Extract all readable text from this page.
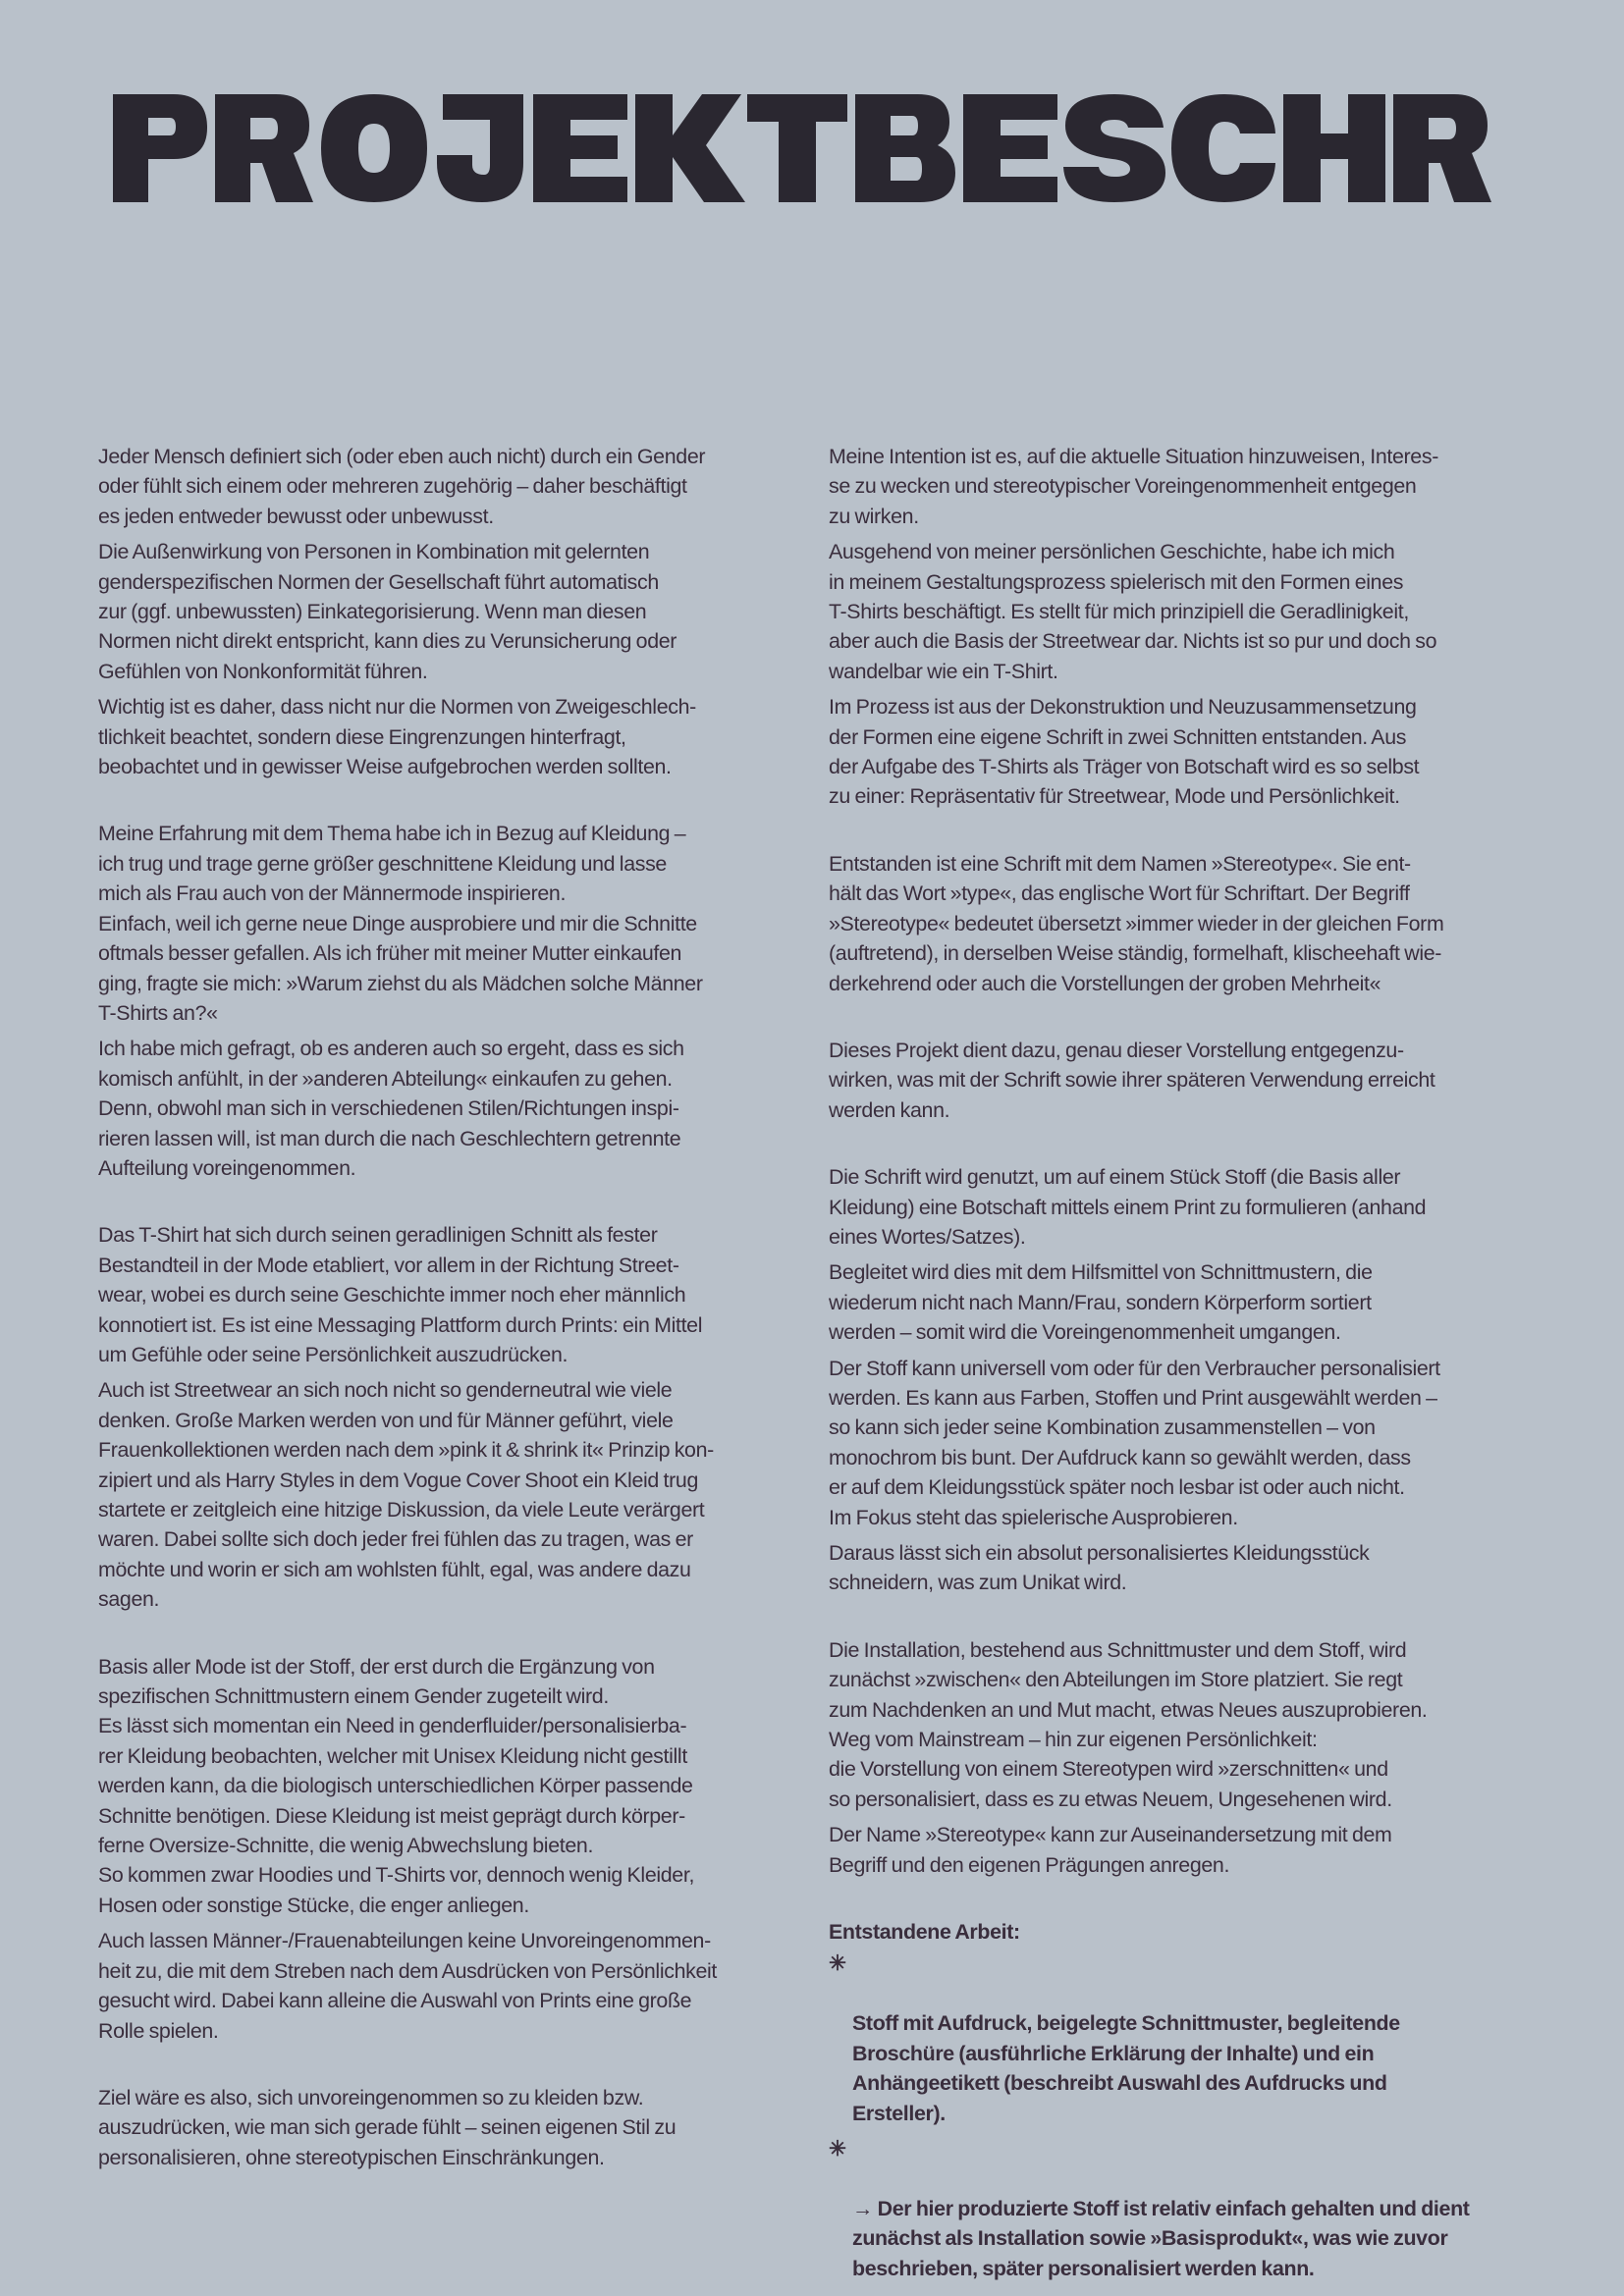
Jeder Mensch definiert sich (oder eben auch nicht) durch ein Gender
oder fühlt sich einem oder mehreren zugehörig – daher beschäftigt
es jeden entweder bewusst oder unbewusst.

Die Außenwirkung von Personen in Kombination mit gelernten
genderspezifischen Normen der Gesellschaft führt automatisch
zur (ggf. unbewussten) Einkategorisierung. Wenn man diesen
Normen nicht direkt entspricht, kann dies zu Verunsicherung oder
Gefühlen von Nonkonformität führen.

Wichtig ist es daher, dass nicht nur die Normen von Zweigeschlech-
tlichkeit beachtet, sondern diese Eingrenzungen hinterfragt,
beobachtet und in gewisser Weise aufgebrochen werden sollten.

Meine Erfahrung mit dem Thema habe ich in Bezug auf Kleidung –
ich trug und trage gerne größer geschnittene Kleidung und lasse
mich als Frau auch von der Männermode inspirieren.
Einfach, weil ich gerne neue Dinge ausprobiere und mir die Schnitte
oftmals besser gefallen. Als ich früher mit meiner Mutter einkaufen
ging, fragte sie mich: »Warum ziehst du als Mädchen solche Männer
T-Shirts an?«

Ich habe mich gefragt, ob es anderen auch so ergeht, dass es sich
komisch anfühlt, in der »anderen Abteilung« einkaufen zu gehen.
Denn, obwohl man sich in verschiedenen Stilen/Richtungen inspi-
rieren lassen will, ist man durch die nach Geschlechtern getrennte
Aufteilung voreingenommen.

Das T-Shirt hat sich durch seinen geradlinigen Schnitt als fester
Bestandteil in der Mode etabliert, vor allem in der Richtung Street-
wear, wobei es durch seine Geschichte immer noch eher männlich
konnotiert ist. Es ist eine Messaging Plattform durch Prints: ein Mittel
um Gefühle oder seine Persönlichkeit auszudrücken.

Auch ist Streetwear an sich noch nicht so genderneutral wie viele
denken. Große Marken werden von und für Männer geführt, viele
Frauenkollektionen werden nach dem »pink it & shrink it« Prinzip kon-
zipiert und als Harry Styles in dem Vogue Cover Shoot ein Kleid trug
startete er zeitgleich eine hitzige Diskussion, da viele Leute verärgert
waren. Dabei sollte sich doch jeder frei fühlen das zu tragen, was er
möchte und worin er sich am wohlsten fühlt, egal, was andere dazu
sagen.

Basis aller Mode ist der Stoff, der erst durch die Ergänzung von
spezifischen Schnittmustern einem Gender zugeteilt wird.
Es lässt sich momentan ein Need in genderfluider/personalisierba-
rer Kleidung beobachten, welcher mit Unisex Kleidung nicht gestillt
werden kann, da die biologisch unterschiedlichen Körper passende
Schnitte benötigen. Diese Kleidung ist meist geprägt durch körper-
ferne Oversize-Schnitte, die wenig Abwechslung bieten.
So kommen zwar Hoodies und T-Shirts vor, dennoch wenig Kleider,
Hosen oder sonstige Stücke, die enger anliegen.

Auch lassen Männer-/Frauenabteilungen keine Unvoreingenommen-
heit zu, die mit dem Streben nach dem Ausdrücken von Persönlichkeit
gesucht wird. Dabei kann alleine die Auswahl von Prints eine große
Rolle spielen.

Ziel wäre es also, sich unvoreingenommen so zu kleiden bzw.
auszudrücken, wie man sich gerade fühlt – seinen eigenen Stil zu
personalisieren, ohne stereotypischen Einschränkungen.

Meine Intention ist es, auf die aktuelle Situation hinzuweisen, Interes-
se zu wecken und stereotypischer Voreingenommenheit entgegen
zu wirken.

Ausgehend von meiner persönlichen Geschichte, habe ich mich
in meinem Gestaltungsprozess spielerisch mit den Formen eines
T-Shirts beschäftigt. Es stellt für mich prinzipiell die Geradlinigkeit,
aber auch die Basis der Streetwear dar. Nichts ist so pur und doch so
wandelbar wie ein T-Shirt.

Im Prozess ist aus der Dekonstruktion und Neuzusammensetzung
der Formen eine eigene Schrift in zwei Schnitten entstanden. Aus
der Aufgabe des T-Shirts als Träger von Botschaft wird es so selbst
zu einer: Repräsentativ für Streetwear, Mode und Persönlichkeit.

Entstanden ist eine Schrift mit dem Namen »Stereotype«. Sie ent-
hält das Wort »type«, das englische Wort für Schriftart. Der Begriff
»Stereotype« bedeutet übersetzt »immer wieder in der gleichen Form
(auftretend), in derselben Weise ständig, formelhaft, klischeehaft wie-
derkehrend oder auch die Vorstellungen der groben Mehrheit«

Dieses Projekt dient dazu, genau dieser Vorstellung entgegenzu-
wirken, was mit der Schrift sowie ihrer späteren Verwendung erreicht
werden kann.

Die Schrift wird genutzt, um auf einem Stück Stoff (die Basis aller
Kleidung) eine Botschaft mittels einem Print zu formulieren (anhand
eines Wortes/Satzes).

Begleitet wird dies mit dem Hilfsmittel von Schnittmustern, die
wiederum nicht nach Mann/Frau, sondern Körperform sortiert
werden – somit wird die Voreingenommenheit umgangen.

Der Stoff kann universell vom oder für den Verbraucher personalisiert
werden. Es kann aus Farben, Stoffen und Print ausgewählt werden –
so kann sich jeder seine Kombination zusammenstellen – von
monochrom bis bunt. Der Aufdruck kann so gewählt werden, dass
er auf dem Kleidungsstück später noch lesbar ist oder auch nicht.
Im Fokus steht das spielerische Ausprobieren.

Daraus lässt sich ein absolut personalisiertes Kleidungsstück
schneidern, was zum Unikat wird.

Die Installation, bestehend aus Schnittmuster und dem Stoff, wird
zunächst »zwischen« den Abteilungen im Store platziert. Sie regt
zum Nachdenken an und Mut macht, etwas Neues auszuprobieren.
Weg vom Mainstream – hin zur eigenen Persönlichkeit:
die Vorstellung von einem Stereotypen wird »zerschnitten« und
so personalisiert, dass es zu etwas Neuem, Ungesehenen wird.

Der Name »Stereotype« kann zur Auseinandersetzung mit dem
Begriff und den eigenen Prägungen anregen.

Entstandene Arbeit:

✳

Stoff mit Aufdruck, beigelegte Schnittmuster, begleitende
Broschüre (ausführliche Erklärung der Inhalte) und ein
Anhängeetikett (beschreibt Auswahl des Aufdrucks und
Ersteller).

✳

→ Der hier produzierte Stoff ist relativ einfach gehalten und dient
zunächst als Installation sowie »Basisprodukt«, was wie zuvor
beschrieben, später personalisiert werden kann.
